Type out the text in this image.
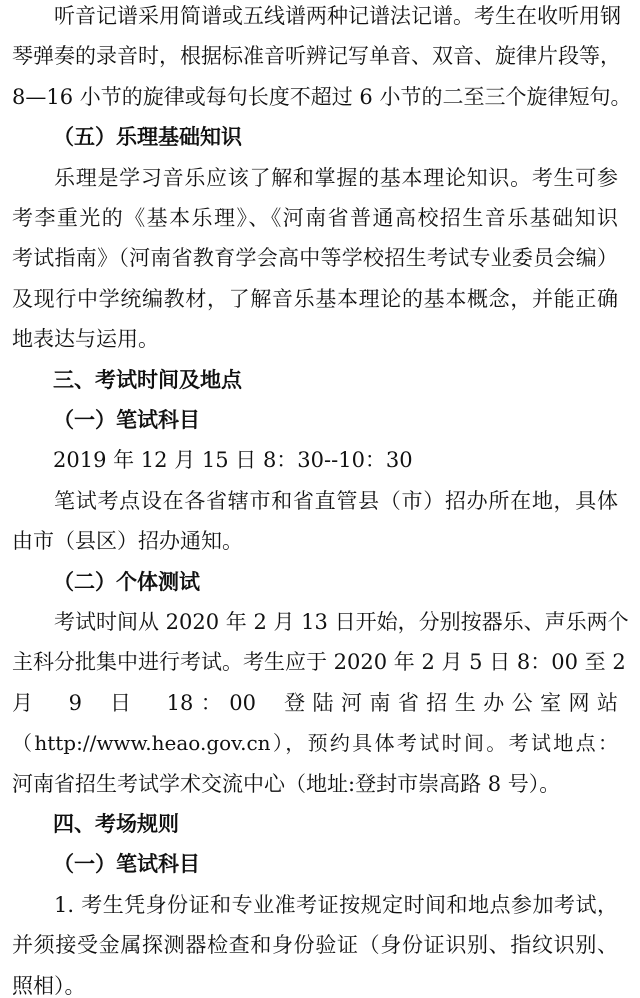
听音记谱采用简谱或五线谱两种记谱法记谱。考生在收听用钢
琴弹奏的录音时，根据标准音听辨记写单音、双音、旋律片段等，
8—16 小节的旋律或每句长度不超过 6 小节的二至三个旋律短句。
（五）乐理基础知识
乐理是学习音乐应该了解和掌握的基本理论知识。考生可参
考李重光的《基本乐理》、《河南省普通高校招生音乐基础知识
考试指南》（河南省教育学会高中等学校招生考试专业委员会编）
及现行中学统编教材，了解音乐基本理论的基本概念，并能正确
地表达与运用。
三、考试时间及地点
（一）笔试科目
2019 年 12 月 15 日 8：30--10：30
笔试考点设在各省辖市和省直管县（市）招办所在地，具体
由市（县区）招办通知。
（二）个体测试
考试时间从 2020 年 2 月 13 日开始，分别按器乐、声乐两个
主科分批集中进行考试。考生应于 2020 年 2 月 5 日 8：00 至 2
月 9 日 18：00 登陆河南省招生办公室网站
（http://www.heao.gov.cn），预约具体考试时间。考试地点：
河南省招生考试学术交流中心（地址:登封市崇高路 8 号）。
四、考场规则
（一）笔试科目
1. 考生凭身份证和专业准考证按规定时间和地点参加考试，
并须接受金属探测器检查和身份验证（身份证识别、指纹识别、
照相）。
